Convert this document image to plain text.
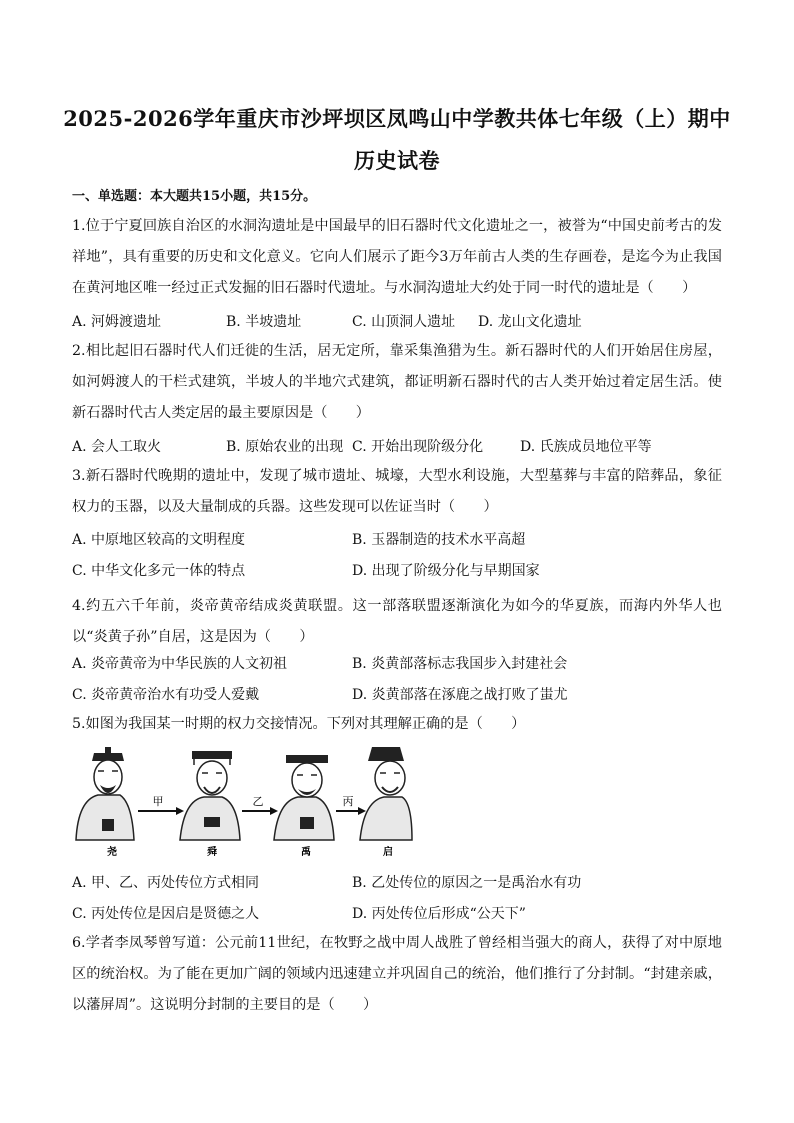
2025-2026学年重庆市沙坪坝区凤鸣山中学教共体七年级（上）期中
历史试卷
一、单选题：本大题共15小题，共15分。
1.位于宁夏回族自治区的水洞沟遗址是中国最早的旧石器时代文化遗址之一，被誉为“中国史前考古的发祥地”，具有重要的历史和文化意义。它向人们展示了距今3万年前古人类的生存画卷，是迄今为止我国在黄河地区唯一经过正式发掘的旧石器时代遗址。与水洞沟遗址大约处于同一时代的遗址是（　　）
A. 河姆渡遗址	B. 半坡遗址	C. 山顶洞人遗址 D. 龙山文化遗址
2.相比起旧石器时代人们迁徙的生活，居无定所，靠采集渔猎为生。新石器时代的人们开始居住房屋，如河姆渡人的干栏式建筑，半坡人的半地穴式建筑，都证明新石器时代的古人类开始过着定居生活。使新石器时代古人类定居的最主要原因是（　　）
A. 会人工取火	B. 原始农业的出现 C. 开始出现阶级分化	D. 氏族成员地位平等
3.新石器时代晚期的遗址中，发现了城市遗址、城壕，大型水利设施，大型墓葬与丰富的陪葬品，象征权力的玉器，以及大量制成的兵器。这些发现可以佐证当时（　　）
A. 中原地区较高的文明程度	B. 玉器制造的技术水平高超
C. 中华文化多元一体的特点	D. 出现了阶级分化与早期国家
4.约五六千年前，炎帝黄帝结成炎黄联盟。这一部落联盟逐渐演化为如今的华夏族，而海内外华人也以“炎黄子孙”自居，这是因为（　　）
A. 炎帝黄帝为中华民族的人文初祖	B. 炎黄部落标志我国步入封建社会
C. 炎帝黄帝治水有功受人爱戴	D. 炎黄部落在涿鹿之战打败了蚩尤
5.如图为我国某一时期的权力交接情况。下列对其理解正确的是（　　）
尧
甲
舜
乙
禹
丙
启
A. 甲、乙、丙处传位方式相同	B. 乙处传位的原因之一是禹治水有功
C. 丙处传位是因启是贤德之人	D. 丙处传位后形成“公天下”
6.学者李凤琴曾写道：公元前11世纪，在牧野之战中周人战胜了曾经相当强大的商人，获得了对中原地区的统治权。为了能在更加广阔的领域内迅速建立并巩固自己的统治，他们推行了分封制。“封建亲戚，以藩屏周”。这说明分封制的主要目的是（　　）
